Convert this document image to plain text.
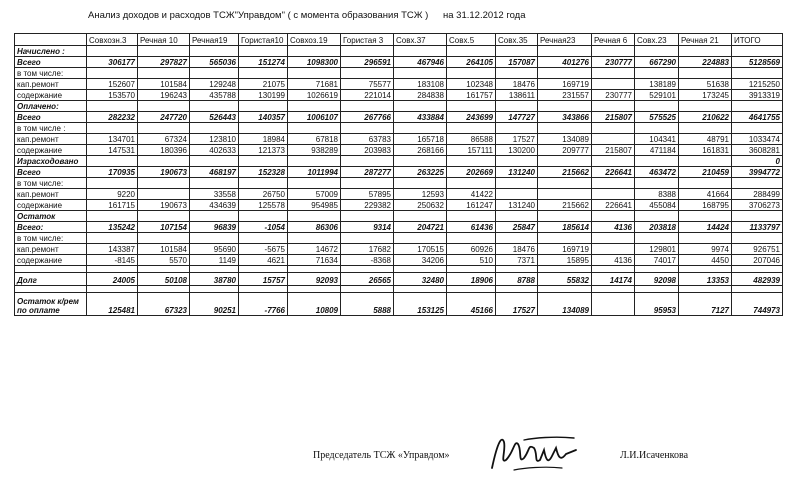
Анализ доходов и расходов ТСЖ"Управдом" ( с момента образования ТСЖ ) на 31.12.2012 года
	Совхозн.3	Речная 10	Речная19	Гористая10	Совхоз.19	Гористая 3	Совх.37	Совх.5	Совх.35	Речная23	Речная 6	Совх.23	Речная 21	ИТОГО
Начислено :														
Всего	306177	297827	565036	151274	1098300	296591	467946	264105	157087	401276	230777	667290	224883	5128569
в том числе:														
кап.ремонт	152607	101584	129248	21075	71681	75577	183108	102348	18476	169719		138189	51638	1215250
содержание	153570	196243	435788	130199	1026619	221014	284838	161757	138611	231557	230777	529101	173245	3913319
Оплачено:														
Всего	282232	247720	526443	140357	1006107	267766	433884	243699	147727	343866	215807	575525	210622	4641755
в том числе :														
кап.ремонт	134701	67324	123810	18984	67818	63783	165718	86588	17527	134089		104341	48791	1033474
содержание	147531	180396	402633	121373	938289	203983	268166	157111	130200	209777	215807	471184	161831	3608281
Израсходовано														0
Всего	170935	190673	468197	152328	1011994	287277	263225	202669	131240	215662	226641	463472	210459	3994772
в том числе:														
кап.ремонт	9220		33558	26750	57009	57895	12593	41422				8388	41664	288499
содержание	161715	190673	434639	125578	954985	229382	250632	161247	131240	215662	226641	455084	168795	3706273
Остаток														
Всего:	135242	107154	96839	-1054	86306	9314	204721	61436	25847	185614	4136	203818	14424	1133797
в том числе:														
кап.ремонт	143387	101584	95690	-5675	14672	17682	170515	60926	18476	169719		129801	9974	926751
содержание	-8145	5570	1149	4621	71634	-8368	34206	510	7371	15895	4136	74017	4450	207046

Долг	24005	50108	38780	15757	92093	26565	32480	18906	8788	55832	14174	92098	13353	482939

Остаток к/рем по оплате	125481	67323	90251	-7766	10809	5888	153125	45166	17527	134089		95953	7127	744973
Председатель ТСЖ «Управдом»	Л.И.Исаченкова
